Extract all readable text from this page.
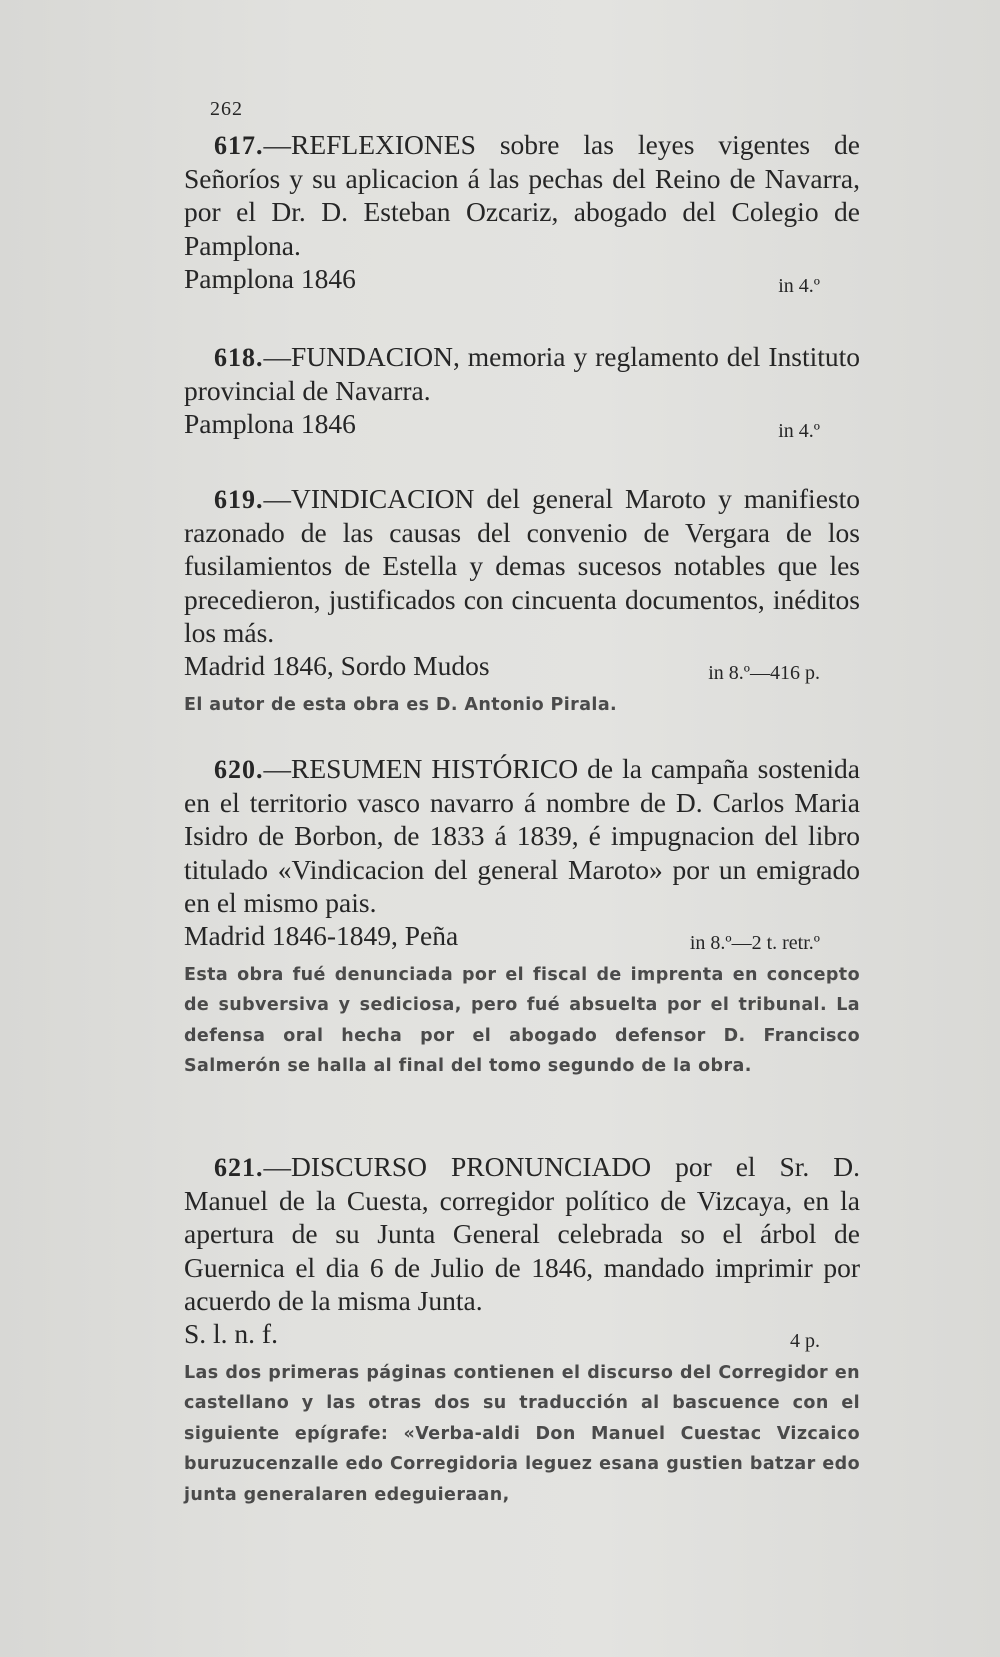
262

617.—REFLEXIONES sobre las leyes vigentes de Señoríos y su aplicacion á las pechas del Reino de Navarra, por el Dr. D. Esteban Ozcariz, abogado del Colegio de Pamplona.

Pamplona 1846	in 4.º

618.—FUNDACION, memoria y reglamento del Instituto provincial de Navarra.

Pamplona 1846	in 4.º

619.—VINDICACION del general Maroto y manifiesto razonado de las causas del convenio de Vergara de los fusilamientos de Estella y demas sucesos notables que les precedieron, justificados con cincuenta documentos, inéditos los más.

Madrid 1846, Sordo Mudos	in 8.º—416 p.

El autor de esta obra es D. Antonio Pirala.

620.—RESUMEN HISTÓRICO de la campaña sostenida en el territorio vasco navarro á nombre de D. Carlos Maria Isidro de Borbon, de 1833 á 1839, é impugnacion del libro titulado «Vindicacion del general Maroto» por un emigrado en el mismo pais.

Madrid 1846-1849, Peña	in 8.º—2 t. retr.º

Esta obra fué denunciada por el fiscal de imprenta en concepto de subversiva y sediciosa, pero fué absuelta por el tribunal. La defensa oral hecha por el abogado defensor D. Francisco Salmerón se halla al final del tomo segundo de la obra.

621.—DISCURSO PRONUNCIADO por el Sr. D. Manuel de la Cuesta, corregidor político de Vizcaya, en la apertura de su Junta General celebrada so el árbol de Guernica el dia 6 de Julio de 1846, mandado imprimir por acuerdo de la misma Junta.

S. l. n. f.	4 p.

Las dos primeras páginas contienen el discurso del Corregidor en castellano y las otras dos su traducción al bascuence con el siguiente epígrafe: «Verba-aldi Don Manuel Cuestac Vizcaico buruzucenzalle edo Corregidoria leguez esana gustien batzar edo junta generalaren edeguieraan,
